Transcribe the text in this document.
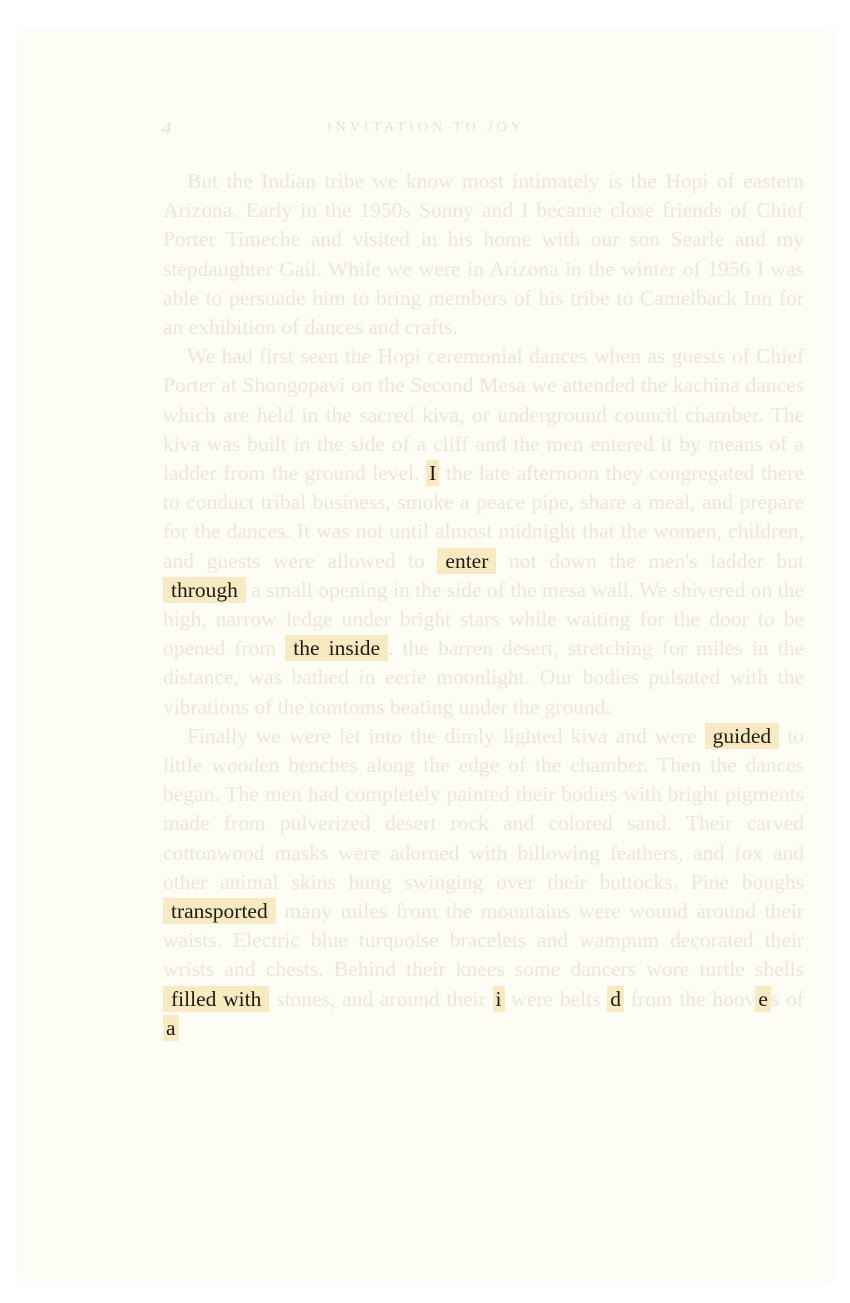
4	INVITATION TO JOY

But the Indian tribe we know most intimately is the Hopi of eastern Arizona. Early in the 1950s Sonny and I became close friends of Chief Porter Timeche and visited in his home with our son Searle and my stepdaughter Gail. While we were in Arizona in the winter of 1956 I was able to persuade him to bring members of his tribe to Camelback Inn for an exhibition of dances and crafts.

We had first seen the Hopi ceremonial dances when as guests of Chief Porter at Shongopavi on the Second Mesa we attended the kachina dances which are held in the sacred kiva, or underground council chamber. The kiva was built in the side of a cliff and the men entered it by means of a ladder from the ground level. I the late afternoon they congregated there to conduct tribal business, smoke a peace pipe, share a meal, and prepare for the dances. It was not until almost midnight that the women, children, and guests were allowed to enter not down the men's ladder but through a small opening in the side of the mesa wall. We shivered on the high, narrow ledge under bright stars while waiting for the door to be opened from the inside . the barren desert, stretching for miles in the distance, was bathed in eerie moonlight. Our bodies pulsated with the vibrations of the tomtoms beating under the ground.

Finally we were let into the dimly lighted kiva and were guided to little wooden benches along the edge of the chamber. Then the dances began. The men had completely painted their bodies with bright pigments made from pulverized desert rock and colored sand. Their carved cottonwood masks were adorned with billowing feathers, and fox and other animal skins hung swinging over their buttocks. Pine boughs transported many miles from the mountains were wound around their waists. Electric blue turquoise bracelets and wampum decorated their wrists and chests. Behind their knees some dancers wore turtle shells filled with stones, and around their i were belts d from the hoov e s of a
